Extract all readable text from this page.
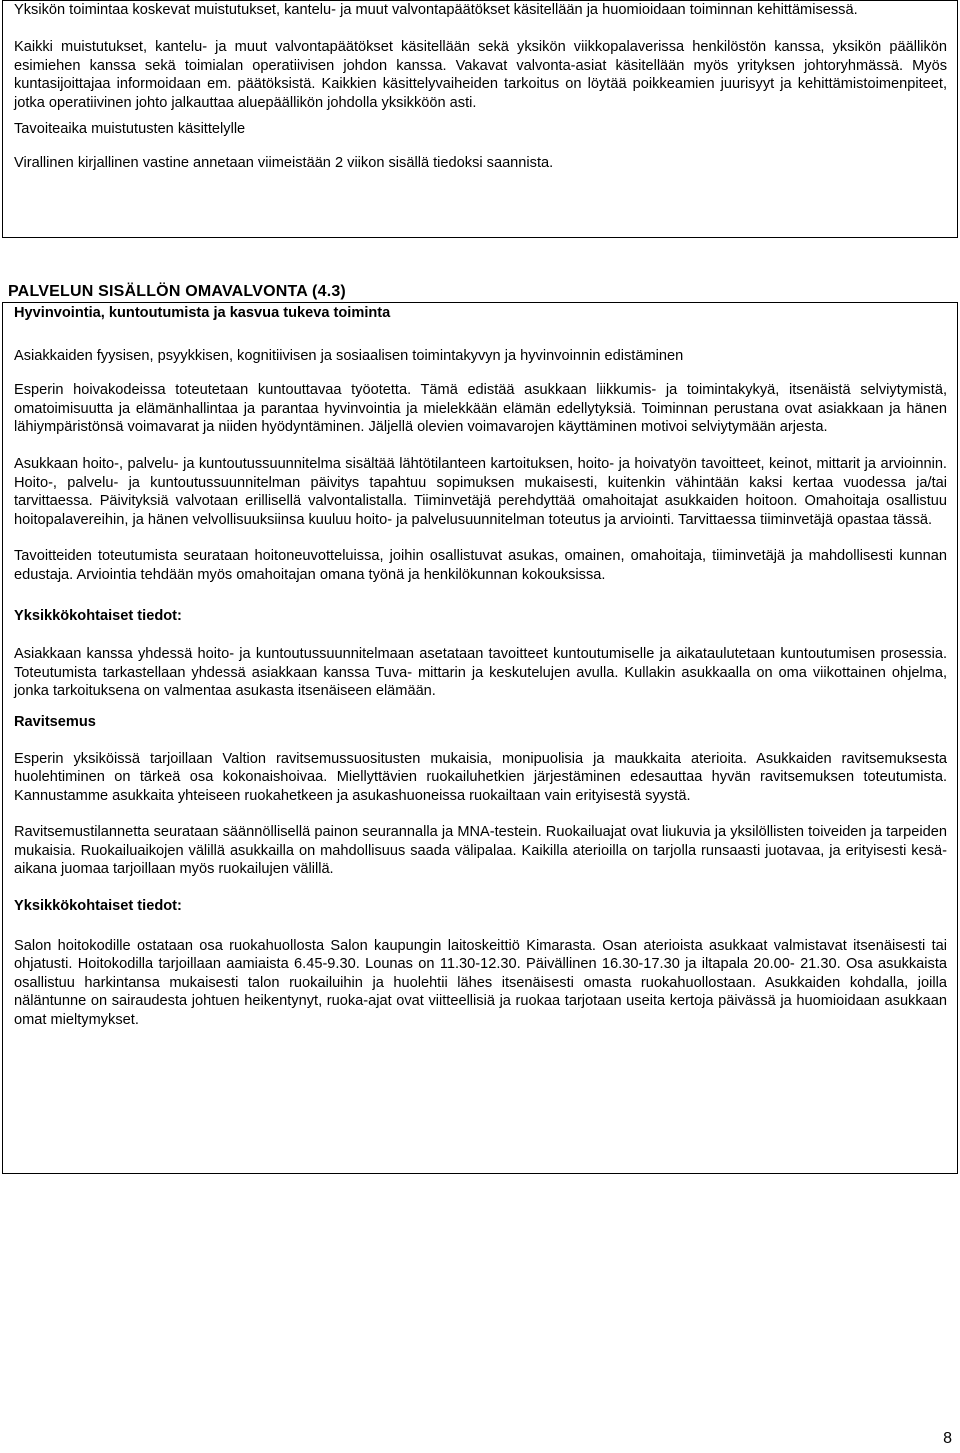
Yksikön toimintaa koskevat muistutukset, kantelu- ja muut valvontapäätökset käsitellään ja huomioidaan toiminnan kehittämisessä.

Kaikki muistutukset, kantelu- ja muut valvontapäätökset käsitellään sekä yksikön viikkopalaverissa henkilöstön kanssa, yksikön päällikön esimiehen kanssa sekä toimialan operatiivisen johdon kanssa. Vakavat valvonta-asiat käsitellään myös yrityksen johtoryhmässä. Myös kuntasijoittajaa informoidaan em. päätöksistä. Kaikkien käsittelyvaiheiden tarkoitus on löytää poikkeamien juurisyyt ja kehittämistoimenpiteet, jotka operatiivinen johto jalkauttaa aluepäällikön johdolla yksikköön asti.

Tavoiteaika muistutusten käsittelylle

Virallinen kirjallinen vastine annetaan viimeistään 2 viikon sisällä tiedoksi saannista.

PALVELUN SISÄLLÖN OMAVALVONTA (4.3)

Hyvinvointia, kuntoutumista ja kasvua tukeva toiminta

Asiakkaiden fyysisen, psyykkisen, kognitiivisen ja sosiaalisen toimintakyvyn ja hyvinvoinnin edistäminen

Esperin hoivakodeissa toteutetaan kuntouttavaa työotetta. Tämä edistää asukkaan liikkumis- ja toimintakykyä, itsenäistä selviytymistä, omatoimisuutta ja elämänhallintaa ja parantaa hyvinvointia ja mielekkään elämän edellytyksiä. Toiminnan perustana ovat asiakkaan ja hänen lähiympäristönsä voimavarat ja niiden hyödyntäminen. Jäljellä olevien voimavarojen käyttäminen motivoi selviytymään arjesta.

Asukkaan hoito-, palvelu- ja kuntoutussuunnitelma sisältää lähtötilanteen kartoituksen, hoito- ja hoivatyön tavoitteet, keinot, mittarit ja arvioinnin. Hoito-, palvelu- ja kuntoutussuunnitelman päivitys tapahtuu sopimuksen mukaisesti, kuitenkin vähintään kaksi kertaa vuodessa ja/tai tarvittaessa. Päivityksiä valvotaan erillisellä valvontalistalla. Tiiminvetäjä perehdyttää omahoitajat asukkaiden hoitoon. Omahoitaja osallistuu hoitopalavereihin, ja hänen velvollisuuksiinsa kuuluu hoito- ja palvelusuunnitelman toteutus ja arviointi. Tarvittaessa tiiminvetäjä opastaa tässä.

Tavoitteiden toteutumista seurataan hoitoneuvotteluissa, joihin osallistuvat asukas, omainen, omahoitaja, tiiminvetäjä ja mahdollisesti kunnan edustaja. Arviointia tehdään myös omahoitajan omana työnä ja henkilökunnan kokouksissa.

Yksikkökohtaiset tiedot:

Asiakkaan kanssa yhdessä hoito- ja kuntoutussuunnitelmaan asetataan tavoitteet kuntoutumiselle ja aikataulutetaan kuntoutumisen prosessia. Toteutumista tarkastellaan yhdessä asiakkaan kanssa Tuva- mittarin ja keskutelujen avulla. Kullakin asukkaalla on oma viikottainen ohjelma, jonka tarkoituksena on valmentaa asukasta itsenäiseen elämään.

Ravitsemus

Esperin yksiköissä tarjoillaan Valtion ravitsemussuositusten mukaisia, monipuolisia ja maukkaita aterioita. Asukkaiden ravitsemuksesta huolehtiminen on tärkeä osa kokonaishoivaa. Miellyttävien ruokailuhetkien järjestäminen edesauttaa hyvän ravitsemuksen toteutumista. Kannustamme asukkaita yhteiseen ruokahetkeen ja asukashuoneissa ruokailtaan vain erityisestä syystä.

Ravitsemustilannetta seurataan säännöllisellä painon seurannalla ja MNA-testein. Ruokailuajat ovat liukuvia ja yksilöllisten toiveiden ja tarpeiden mukaisia. Ruokailuaikojen välillä asukkailla on mahdollisuus saada välipalaa. Kaikilla aterioilla on tarjolla runsaasti juotavaa, ja erityisesti kesä-aikana juomaa tarjoillaan myös ruokailujen välillä.

Yksikkökohtaiset tiedot:

Salon hoitokodille ostataan osa ruokahuollosta Salon kaupungin laitoskeittiö Kimarasta. Osan aterioista asukkaat valmistavat itsenäisesti tai ohjatusti. Hoitokodilla tarjoillaan aamiaista 6.45-9.30. Lounas on 11.30-12.30. Päivällinen 16.30-17.30 ja iltapala 20.00- 21.30. Osa asukkaista osallistuu harkintansa mukaisesti talon ruokailuihin ja huolehtii lähes itsenäisesti omasta ruokahuollostaan. Asukkaiden kohdalla, joilla näläntunne on sairaudesta johtuen heikentynyt, ruoka-ajat ovat viitteellisiä ja ruokaa tarjotaan useita kertoja päivässä ja huomioidaan asukkaan omat mieltymykset.

8
